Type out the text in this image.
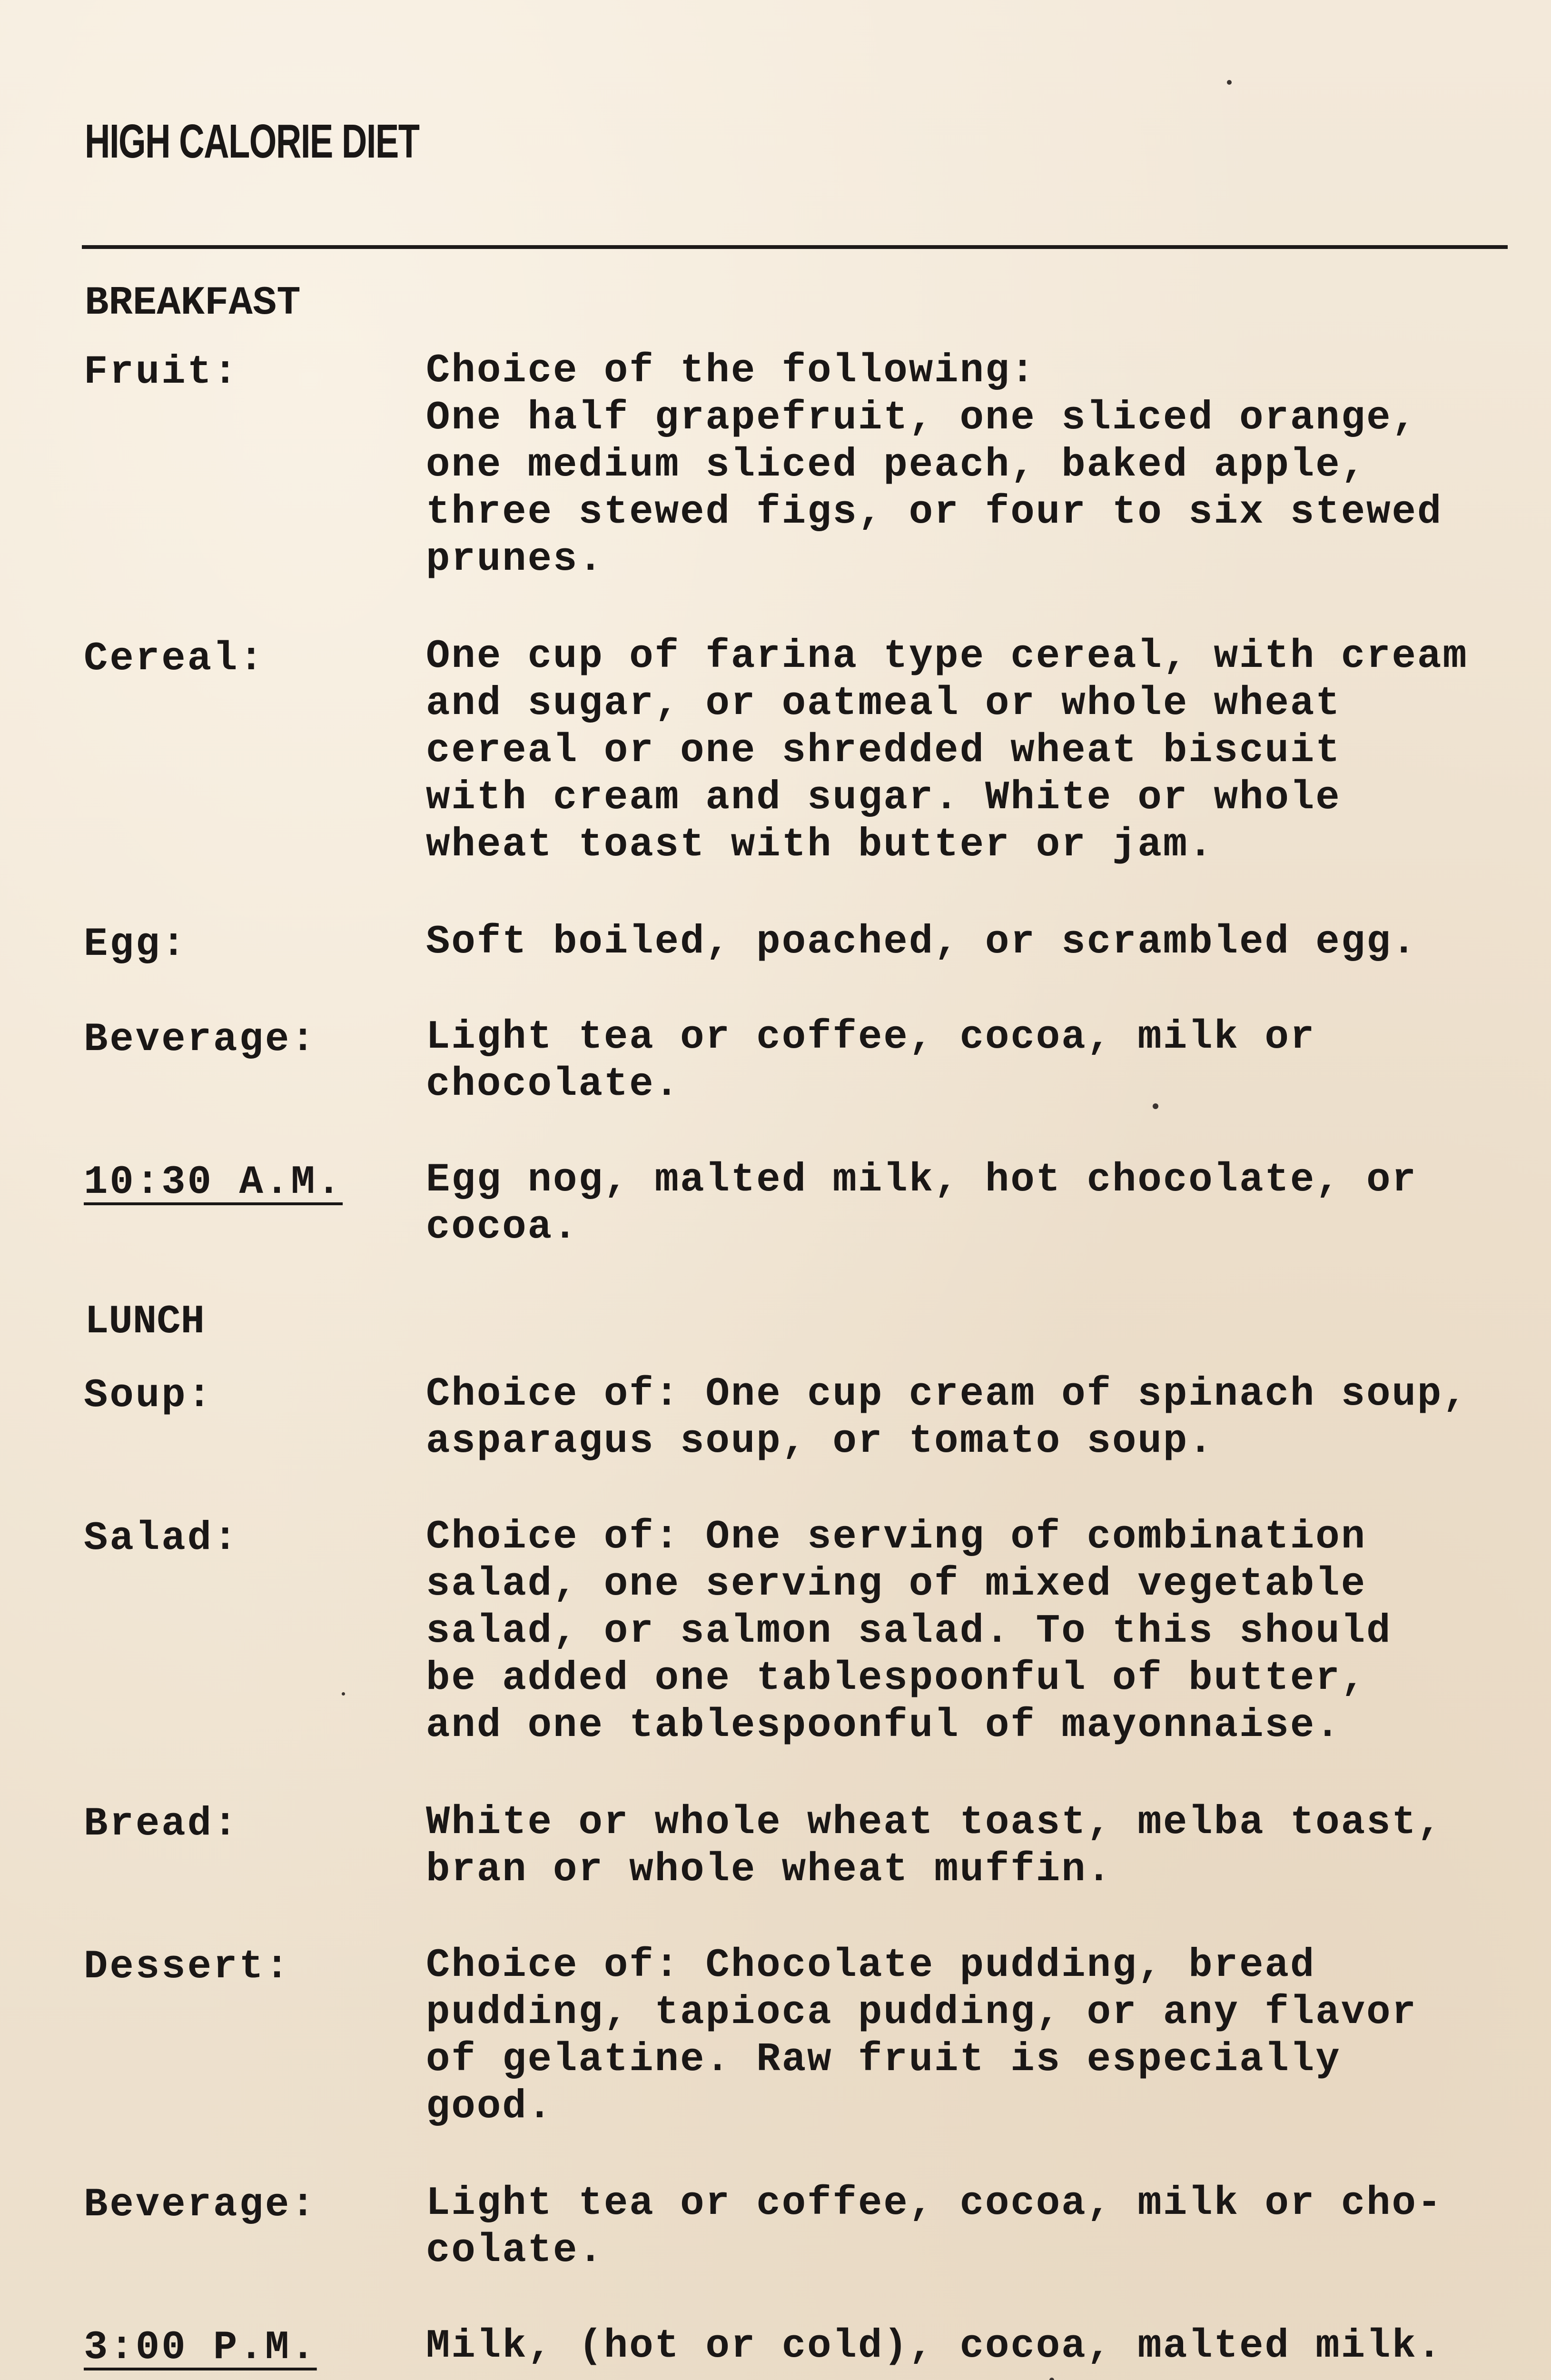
HIGH CALORIE DIET
BREAKFAST
Fruit:	Choice of the following:
One half grapefruit, one sliced orange,
one medium sliced peach, baked apple,
three stewed figs, or four to six stewed
prunes.
Cereal:	One cup of farina type cereal, with cream
and sugar, or oatmeal or whole wheat
cereal or one shredded wheat biscuit
with cream and sugar. White or whole
wheat toast with butter or jam.
Egg:	Soft boiled, poached, or scrambled egg.
Beverage:	Light tea or coffee, cocoa, milk or
chocolate.
10:30 A.M. Egg nog, malted milk, hot chocolate, or
cocoa.
LUNCH
Soup:	Choice of: One cup cream of spinach soup,
asparagus soup, or tomato soup.
Salad:	Choice of: One serving of combination
salad, one serving of mixed vegetable
salad, or salmon salad. To this should
be added one tablespoonful of butter,
and one tablespoonful of mayonnaise.
Bread:	White or whole wheat toast, melba toast,
bran or whole wheat muffin.
Dessert:	Choice of: Chocolate pudding, bread
pudding, tapioca pudding, or any flavor
of gelatine. Raw fruit is especially
good.
Beverage:	Light tea or coffee, cocoa, milk or cho-
colate.
3:00 P.M.	Milk, (hot or cold), cocoa, malted milk.
